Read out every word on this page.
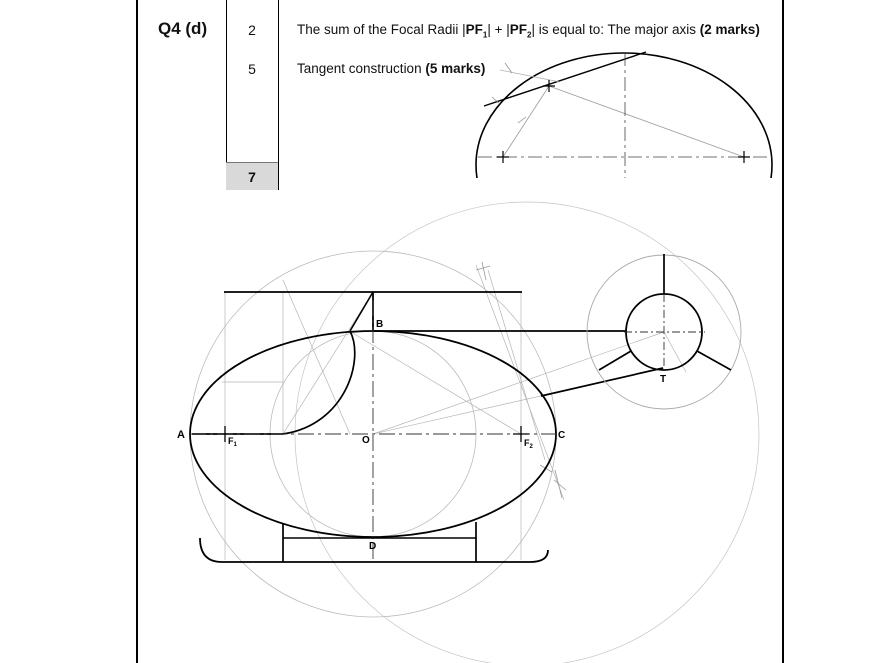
Q4 (d)	2
5
7
The sum of the Focal Radii $|PF_1| + |PF_2|$ is equal to: The major axis (2 marks)
Tangent construction (5 marks)
A
B
C
D
O
T
$F_1$	$F_2$
